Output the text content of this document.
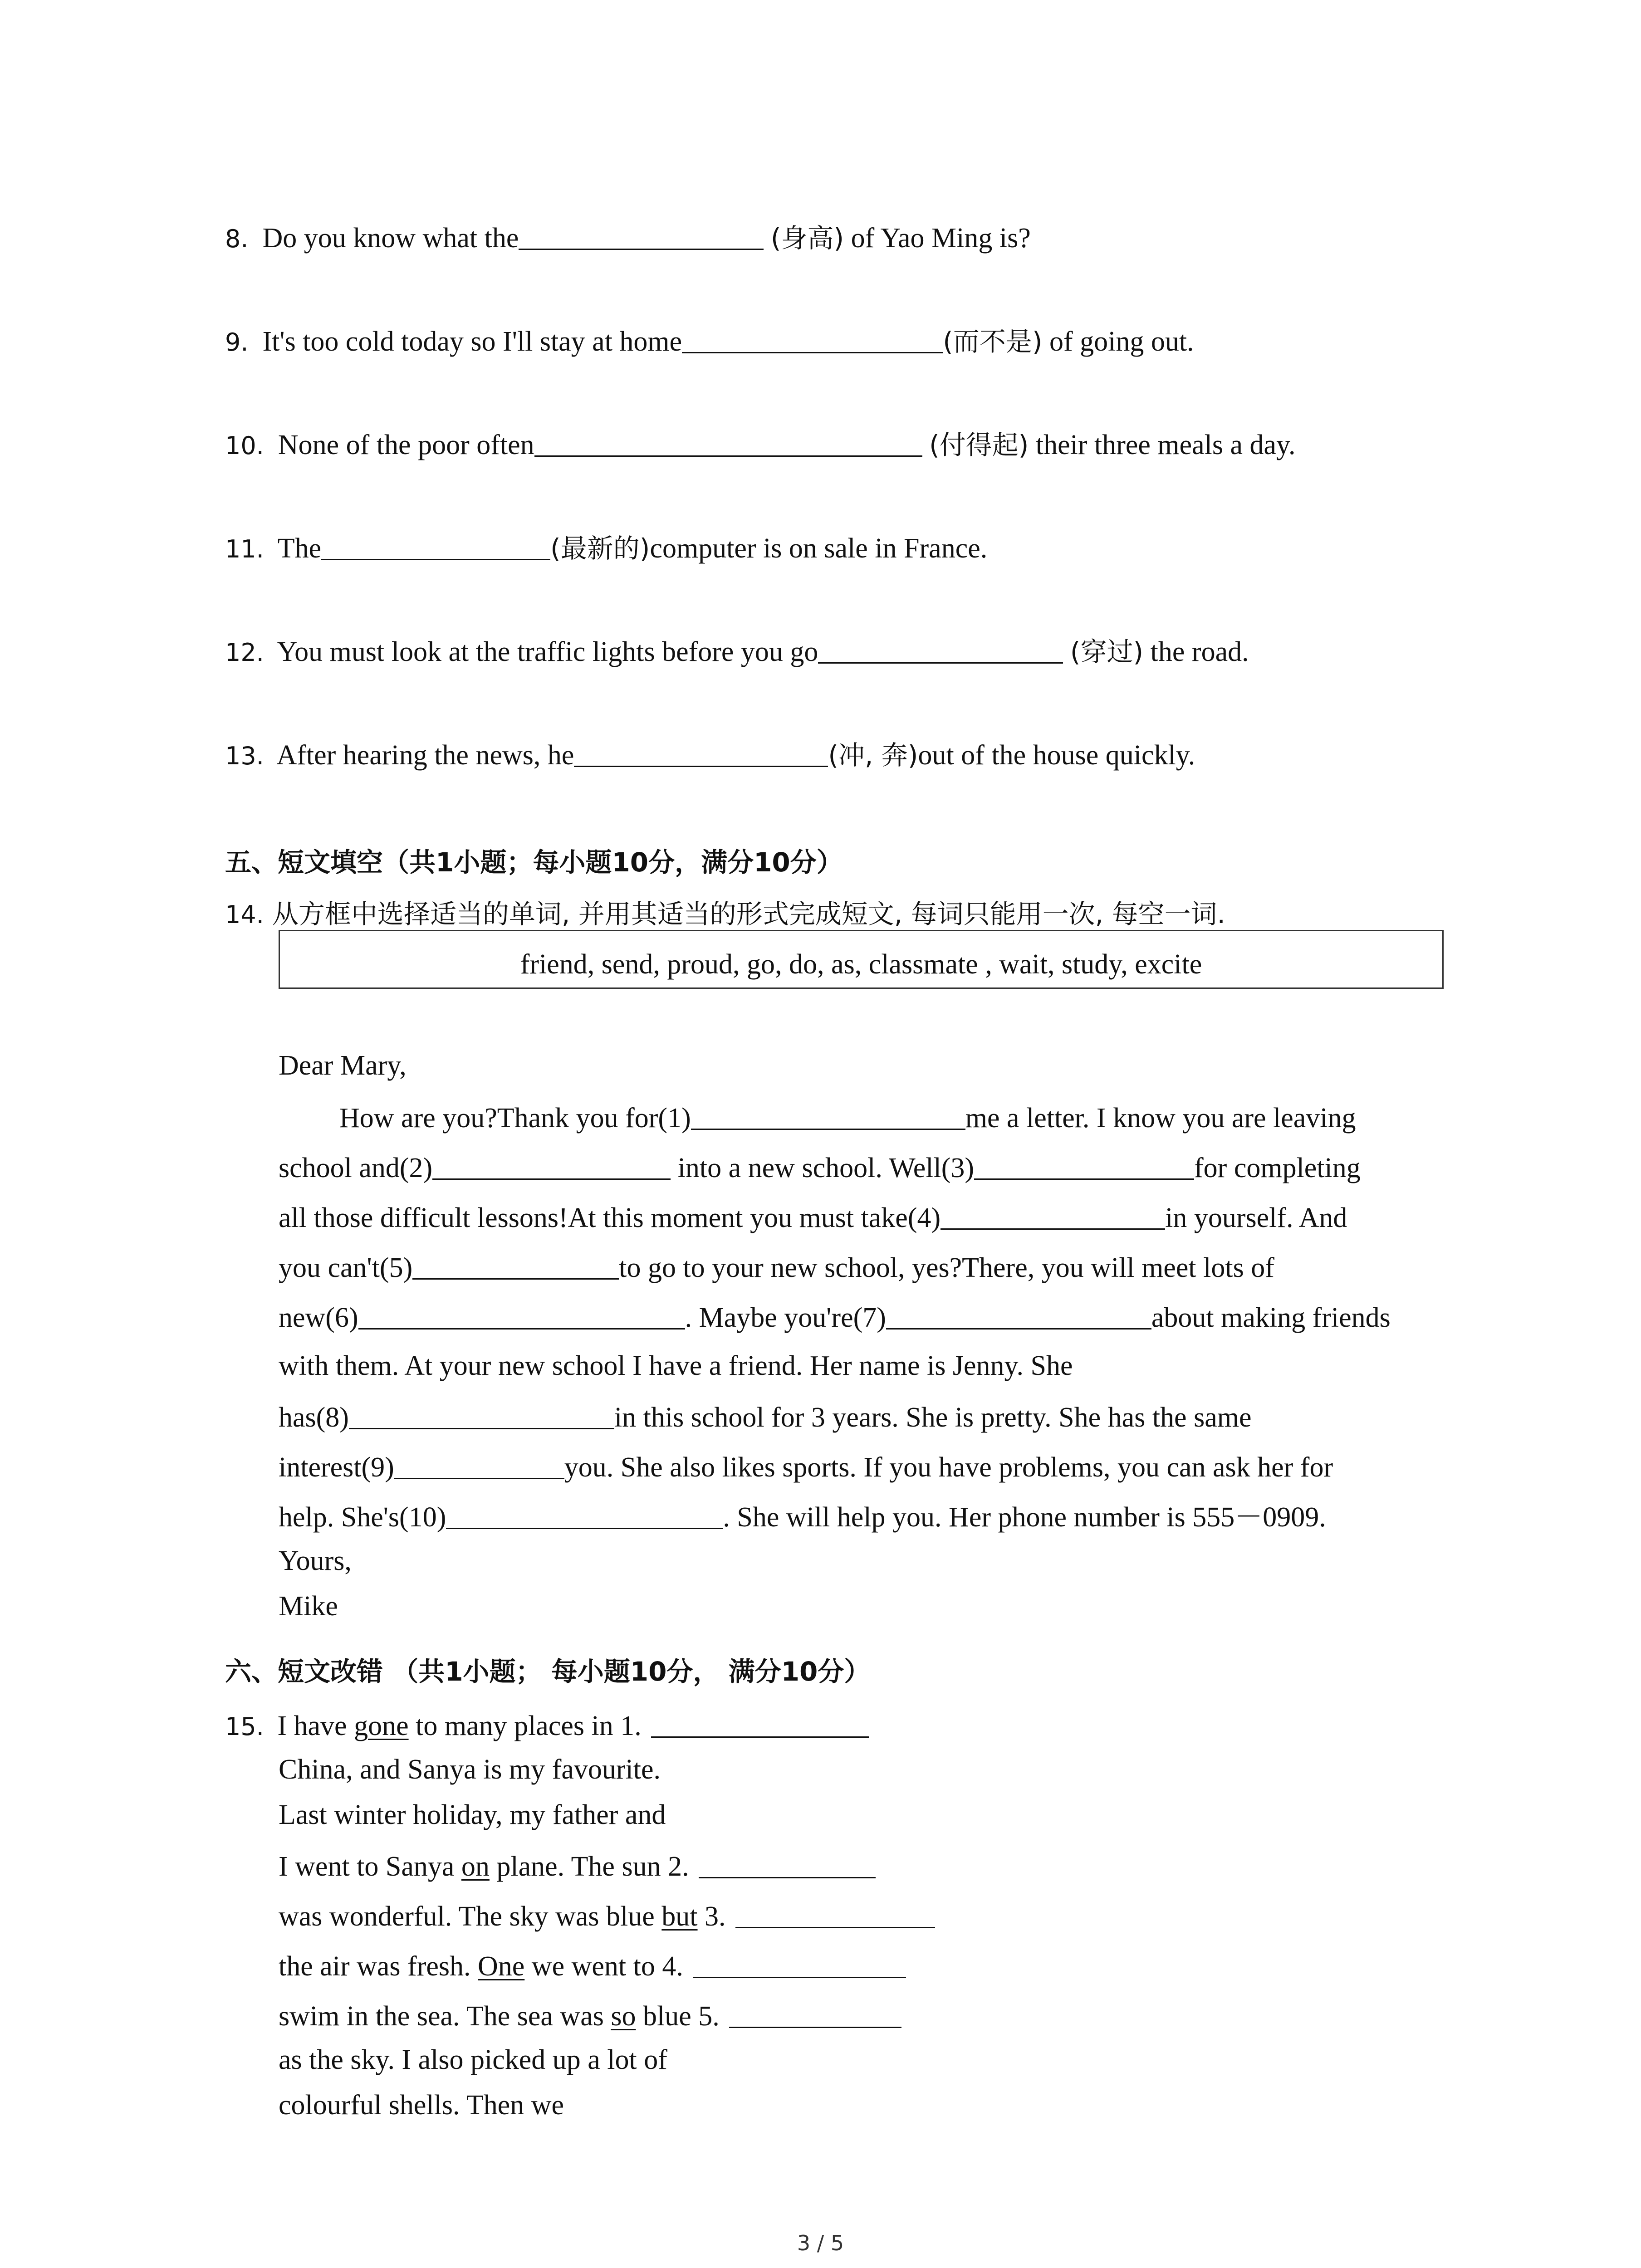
8. Do you know what the	(身高) of Yao Ming is?
9. It's too cold today so I'll stay at home	(而不是) of going out.
10. None of the poor often	(付得起) their three meals a day.
11. The	(最新的)computer is on sale in France.
12. You must look at the traffic lights before you go	(穿过) the road.
13. After hearing the news, he	(冲, 奔)out of the house quickly.
五、短文填空（共1小题；每小题10分，满分10分）
14. 从方框中选择适当的单词, 并用其适当的形式完成短文, 每词只能用一次, 每空一词.
friend, send, proud, go, do, as, classmate , wait, study, excite
Dear Mary,
How are you?Thank you for(1)	me a letter. I know you are leaving
school and(2)	into a new school. Well(3)	for completing
all those difficult lessons!At this moment you must take(4)	in yourself. And
you can't(5)	to go to your new school, yes?There, you will meet lots of
new(6)	. Maybe you're(7)	about making friends
with them. At your new school I have a friend. Her name is Jenny. She
has(8)	in this school for 3 years. She is pretty. She has the same
interest(9)	you. She also likes sports. If you have problems, you can ask her for
help. She's(10)	. She will help you. Her phone number is 555－0909.
Yours,
Mike
六、短文改错 （共1小题； 每小题10分， 满分10分）
15. I have gone to many places in 1.
China, and Sanya is my favourite.
Last winter holiday, my father and
I went to Sanya on plane. The sun 2.
was wonderful. The sky was blue but 3.
the air was fresh. One we went to 4.
swim in the sea. The sea was so blue 5.
as the sky. I also picked up a lot of
colourful shells. Then we
3 / 5
